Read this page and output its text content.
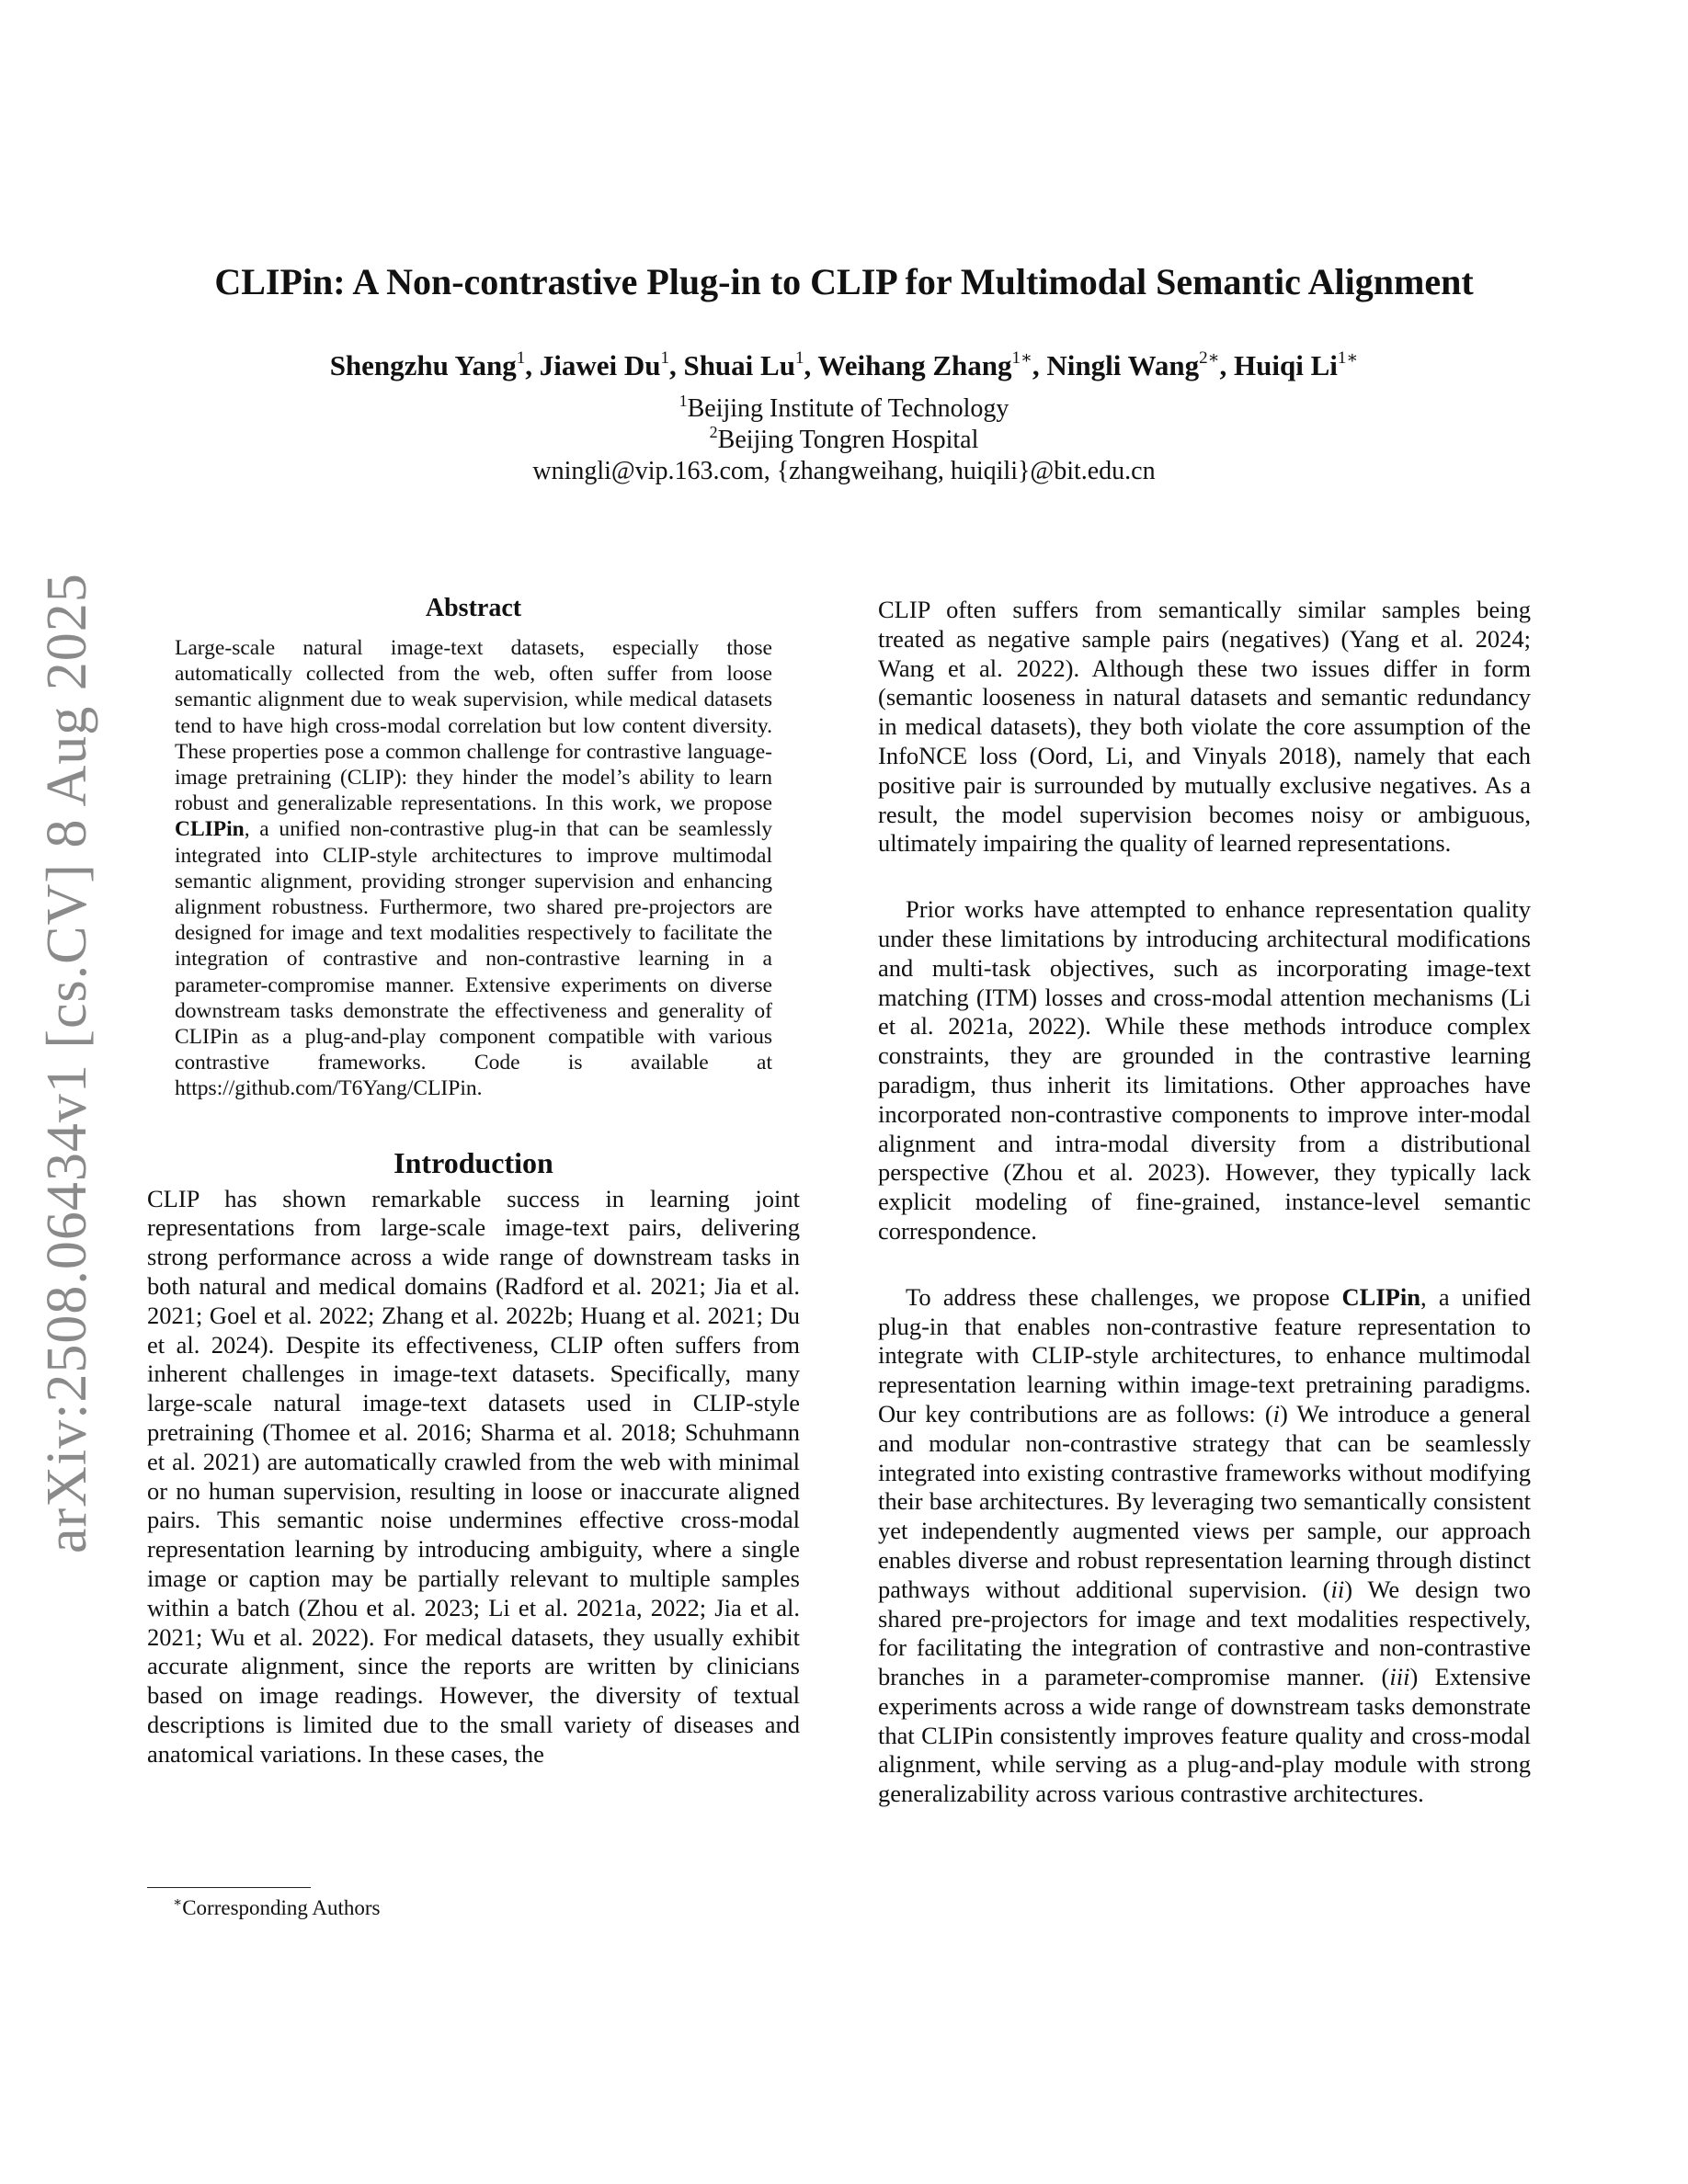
arXiv:2508.06434v1 [cs.CV] 8 Aug 2025
CLIPin: A Non-contrastive Plug-in to CLIP for Multimodal Semantic Alignment
Shengzhu Yang$^1$, Jiawei Du$^1$, Shuai Lu$^1$, Weihang Zhang$^{1∗}$, Ningli Wang$^{2∗}$, Huiqi $Li^{1∗}$
$^1$Beijing Institute of Technology
$^2$Beijing Tongren Hospital
wningli@vip.163.com, {zhangweihang, huiqili}@bit.edu.cn
Abstract

Large-scale natural image-text datasets, especially those automatically collected from the web, often suffer from loose semantic alignment due to weak supervision, while medical datasets tend to have high cross-modal correlation but low content diversity. These properties pose a common challenge for contrastive language-image pretraining (CLIP): they hinder the model’s ability to learn robust and generalizable representations. In this work, we propose CLIPin, a unified non-contrastive plug-in that can be seamlessly integrated into CLIP-style architectures to improve multimodal semantic alignment, providing stronger supervision and enhancing alignment robustness. Furthermore, two shared pre-projectors are designed for image and text modalities respectively to facilitate the integration of contrastive and non-contrastive learning in a parameter-compromise manner. Extensive experiments on diverse downstream tasks demonstrate the effectiveness and generality of CLIPin as a plug-and-play component compatible with various contrastive frameworks. Code is available at https://github.com/T6Yang/CLIPin.

Introduction

CLIP has shown remarkable success in learning joint representations from large-scale image-text pairs, delivering strong performance across a wide range of downstream tasks in both natural and medical domains (Radford et al. 2021; Jia et al. 2021; Goel et al. 2022; Zhang et al. 2022b; Huang et al. 2021; Du et al. 2024). Despite its effectiveness, CLIP often suffers from inherent challenges in image-text datasets. Specifically, many large-scale natural image-text datasets used in CLIP-style pretraining (Thomee et al. 2016; Sharma et al. 2018; Schuhmann et al. 2021) are automatically crawled from the web with minimal or no human supervision, resulting in loose or inaccurate aligned pairs. This semantic noise undermines effective cross-modal representation learning by introducing ambiguity, where a single image or caption may be partially relevant to multiple samples within a batch (Zhou et al. 2023; Li et al. 2021a, 2022; Jia et al. 2021; Wu et al. 2022). For medical datasets, they usually exhibit accurate alignment, since the reports are written by clinicians based on image readings. However, the diversity of textual descriptions is limited due to the small variety of diseases and anatomical variations. In these cases, the

∗Corresponding Authors

CLIP often suffers from semantically similar samples being treated as negative sample pairs (negatives) (Yang et al. 2024; Wang et al. 2022). Although these two issues differ in form (semantic looseness in natural datasets and semantic redundancy in medical datasets), they both violate the core assumption of the InfoNCE loss (Oord, Li, and Vinyals 2018), namely that each positive pair is surrounded by mutually exclusive negatives. As a result, the model supervision becomes noisy or ambiguous, ultimately impairing the quality of learned representations.

Prior works have attempted to enhance representation quality under these limitations by introducing architectural modifications and multi-task objectives, such as incorporating image-text matching (ITM) losses and cross-modal attention mechanisms (Li et al. 2021a, 2022). While these methods introduce complex constraints, they are grounded in the contrastive learning paradigm, thus inherit its limitations. Other approaches have incorporated non-contrastive components to improve inter-modal alignment and intra-modal diversity from a distributional perspective (Zhou et al. 2023). However, they typically lack explicit modeling of fine-grained, instance-level semantic correspondence.

To address these challenges, we propose CLIPin, a unified plug-in that enables non-contrastive feature representation to integrate with CLIP-style architectures, to enhance multimodal representation learning within image-text pretraining paradigms. Our key contributions are as follows: (i) We introduce a general and modular non-contrastive strategy that can be seamlessly integrated into existing contrastive frameworks without modifying their base architectures. By leveraging two semantically consistent yet independently augmented views per sample, our approach enables diverse and robust representation learning through distinct pathways without additional supervision. (ii) We design two shared pre-projectors for image and text modalities respectively, for facilitating the integration of contrastive and non-contrastive branches in a parameter-compromise manner. (iii) Extensive experiments across a wide range of downstream tasks demonstrate that CLIPin consistently improves feature quality and cross-modal alignment, while serving as a plug-and-play module with strong generalizability across various contrastive architectures.
